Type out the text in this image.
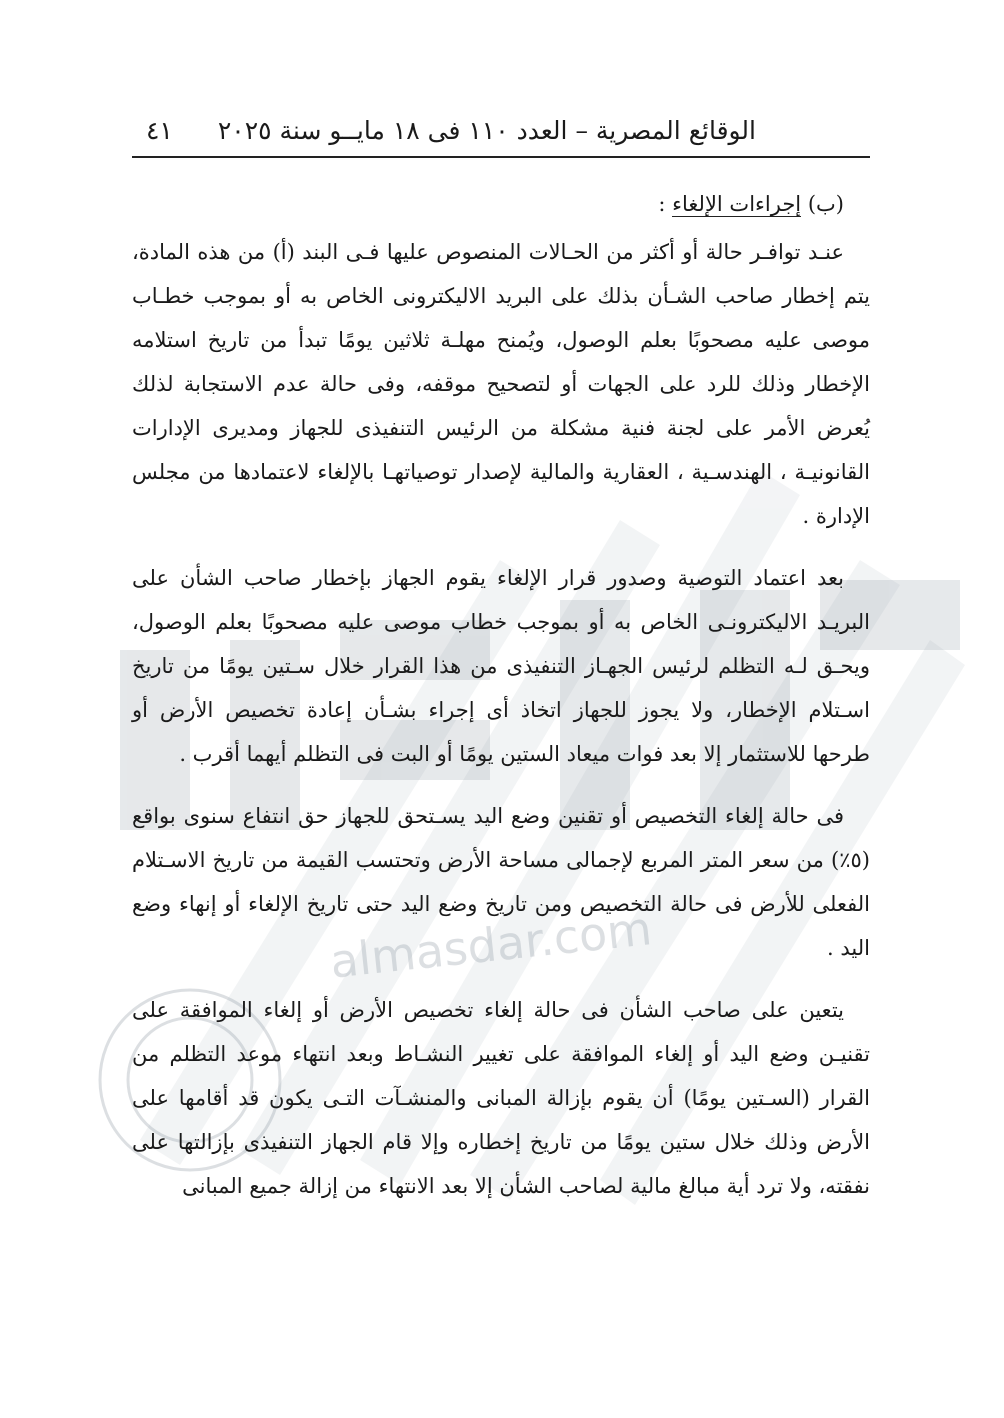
almasdar.com
الوقائع المصرية – العدد ١١٠ فى ١٨ مايــو سنة ٢٠٢٥
٤١

(ب) إجراءات الإلغاء :

عنـد توافـر حالة أو أكثر من الحـالات المنصوص عليها فـى البند (أ) من هذه المادة، يتم إخطار صاحب الشـأن بذلك على البريد الاليكترونى الخاص به أو بموجب خطـاب موصى عليه مصحوبًا بعلم الوصول، ويُمنح مهلـة ثلاثين يومًا تبدأ من تاريخ استلامه الإخطار وذلك للرد على الجهات أو لتصحيح موقفه، وفى حالة عدم الاستجابة لذلك يُعرض الأمر على لجنة فنية مشكلة من الرئيس التنفيذى للجهاز ومديرى الإدارات القانونيـة ، الهندسـية ، العقارية والمالية لإصدار توصياتهـا بالإلغاء لاعتمادها من مجلس الإدارة .

بعد اعتماد التوصية وصدور قرار الإلغاء يقوم الجهاز بإخطار صاحب الشأن على البريـد الاليكترونـى الخاص به أو بموجب خطاب موصى عليه مصحوبًا بعلم الوصول، ويحـق لـه التظلم لرئيس الجهـاز التنفيذى من هذا القرار خلال سـتين يومًا من تاريخ اسـتلام الإخطار، ولا يجوز للجهاز اتخاذ أى إجراء بشـأن إعادة تخصيص الأرض أو طرحها للاستثمار إلا بعد فوات ميعاد الستين يومًا أو البت فى التظلم أيهما أقرب .

فى حالة إلغاء التخصيص أو تقنين وضع اليد يسـتحق للجهاز حق انتفاع سنوى بواقع (٥٪) من سعر المتر المربع لإجمالى مساحة الأرض وتحتسب القيمة من تاريخ الاسـتلام الفعلى للأرض فى حالة التخصيص ومن تاريخ وضع اليد حتى تاريخ الإلغاء أو إنهاء وضع اليد .

يتعين على صاحب الشأن فى حالة إلغاء تخصيص الأرض أو إلغاء الموافقة على تقنيـن وضع اليد أو إلغاء الموافقة على تغيير النشـاط وبعد انتهاء موعد التظلم من القرار (السـتين يومًا) أن يقوم بإزالة المبانى والمنشـآت التـى يكون قد أقامها على الأرض وذلك خلال ستين يومًا من تاريخ إخطاره وإلا قام الجهاز التنفيذى بإزالتها على نفقته، ولا ترد أية مبالغ مالية لصاحب الشأن إلا بعد الانتهاء من إزالة جميع المبانى
